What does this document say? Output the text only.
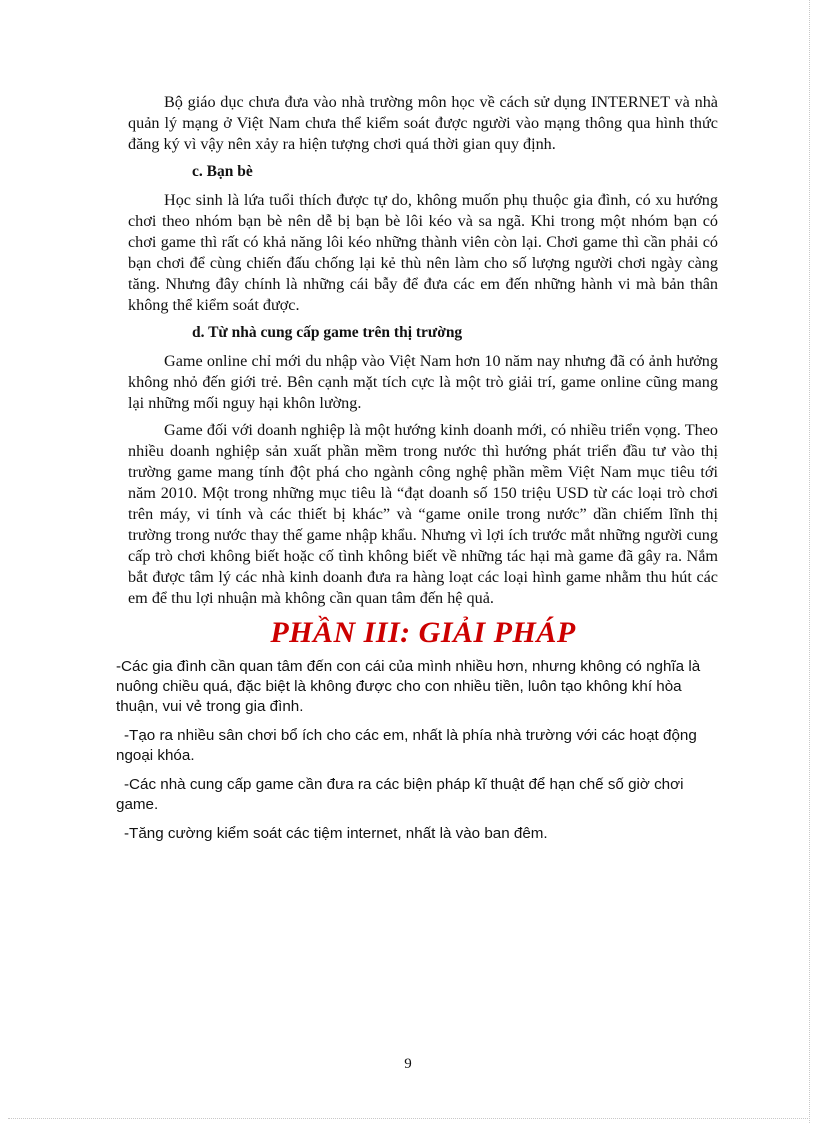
Bộ giáo dục chưa đưa vào nhà trường môn học về cách sử dụng INTERNET và nhà quản lý mạng ở Việt Nam chưa thể kiểm soát được người vào mạng thông qua hình thức đăng ký vì vậy nên xảy ra hiện tượng chơi quá thời gian quy định.

c. Bạn bè

Học sinh là lứa tuổi thích được tự do, không muốn phụ thuộc gia đình, có xu hướng chơi theo nhóm bạn bè nên dễ bị bạn bè lôi kéo và sa ngã. Khi trong một nhóm bạn có chơi game thì rất có khả năng lôi kéo những thành viên còn lại. Chơi game thì cần phải có bạn chơi để cùng chiến đấu chống lại kẻ thù nên làm cho số lượng người chơi ngày càng tăng. Nhưng đây chính là những cái bẫy để đưa các em đến những hành vi mà bản thân không thể kiểm soát được.

d. Từ nhà cung cấp game trên thị trường

Game online chỉ mới du nhập vào Việt Nam hơn 10 năm nay nhưng đã có ảnh hưởng không nhỏ đến giới trẻ. Bên cạnh mặt tích cực là một trò giải trí, game online cũng mang lại những mối nguy hại khôn lường.

Game đối với doanh nghiệp là một hướng kinh doanh mới, có nhiều triển vọng. Theo nhiều doanh nghiệp sản xuất phần mềm trong nước thì hướng phát triển đầu tư vào thị trường game mang tính đột phá cho ngành công nghệ phần mềm Việt Nam mục tiêu tới năm 2010. Một trong những mục tiêu là “đạt doanh số 150 triệu USD từ các loại trò chơi trên máy, vi tính và các thiết bị khác” và “game onile trong nước” dần chiếm lĩnh thị trường trong nước thay thế game nhập khẩu. Nhưng vì lợi ích trước mắt những người cung cấp trò chơi không biết hoặc cố tình không biết về những tác hại mà game đã gây ra. Nắm bắt được tâm lý các nhà kinh doanh đưa ra hàng loạt các loại hình game nhằm thu hút các em để thu lợi nhuận mà không cần quan tâm đến hệ quả.

PHẦN III: GIẢI PHÁP

-Các gia đình cần quan tâm đến con cái của mình nhiều hơn, nhưng không có nghĩa là nuông chiều quá, đặc biệt là không được cho con nhiều tiền, luôn tạo không khí hòa thuận, vui vẻ trong gia đình.

-Tạo ra nhiều sân chơi bổ ích cho các em, nhất là phía nhà trường với các hoạt động ngoại khóa.

-Các nhà cung cấp game cần đưa ra các biện pháp kĩ thuật để hạn chế số giờ chơi game.

-Tăng cường kiểm soát các tiệm internet, nhất là vào ban đêm.

9
